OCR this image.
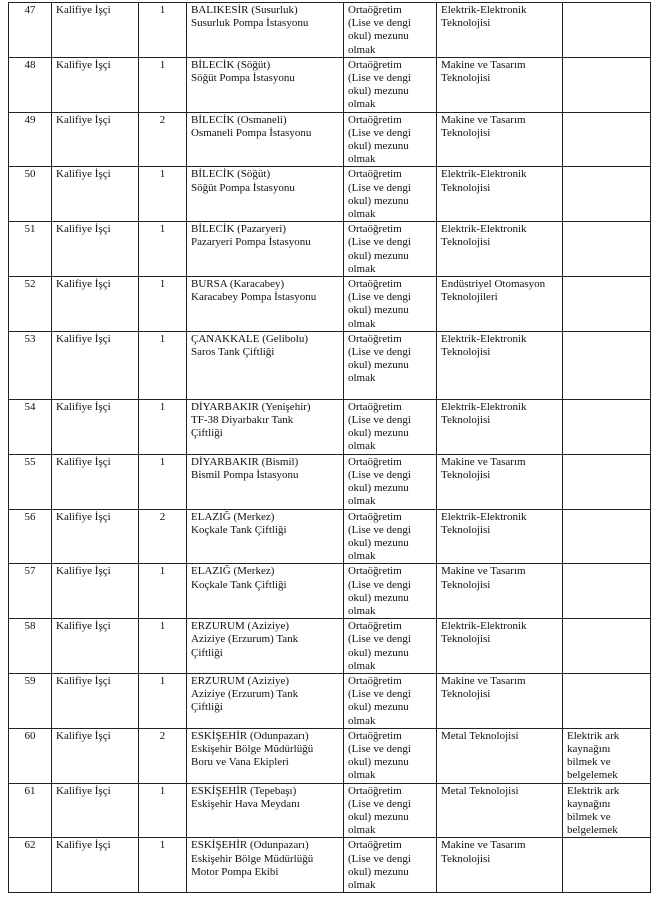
47	Kalifiye İşçi	1	BALIKESİR (Susurluk)
Susurluk Pompa İstasyonu	Ortaöğretim
(Lise ve dengi
okul) mezunu
olmak	Elektrik-Elektronik
Teknolojisi	

48	Kalifiye İşçi	1	BİLECİK (Söğüt)
Söğüt Pompa İstasyonu	Ortaöğretim
(Lise ve dengi
okul) mezunu
olmak	Makine ve Tasarım
Teknolojisi	

49	Kalifiye İşçi	2	BİLECİK (Osmaneli)
Osmaneli Pompa İstasyonu	Ortaöğretim
(Lise ve dengi
okul) mezunu
olmak	Makine ve Tasarım
Teknolojisi	

50	Kalifiye İşçi	1	BİLECİK (Söğüt)
Söğüt Pompa İstasyonu	Ortaöğretim
(Lise ve dengi
okul) mezunu
olmak	Elektrik-Elektronik
Teknolojisi	

51	Kalifiye İşçi	1	BİLECİK (Pazaryeri)
Pazaryeri Pompa İstasyonu	Ortaöğretim
(Lise ve dengi
okul) mezunu
olmak	Elektrik-Elektronik
Teknolojisi	

52	Kalifiye İşçi	1	BURSA (Karacabey)
Karacabey Pompa İstasyonu	Ortaöğretim
(Lise ve dengi
okul) mezunu
olmak	Endüstriyel Otomasyon
Teknolojileri	

53	Kalifiye İşçi	1	ÇANAKKALE (Gelibolu)
Saros Tank Çiftliği	Ortaöğretim
(Lise ve dengi
okul) mezunu
olmak	Elektrik-Elektronik
Teknolojisi	

54	Kalifiye İşçi	1	DİYARBAKIR (Yenişehir)
TF-38 Diyarbakır Tank
Çiftliği	Ortaöğretim
(Lise ve dengi
okul) mezunu
olmak	Elektrik-Elektronik
Teknolojisi	

55	Kalifiye İşçi	1	DİYARBAKIR (Bismil)
Bismil Pompa İstasyonu	Ortaöğretim
(Lise ve dengi
okul) mezunu
olmak	Makine ve Tasarım
Teknolojisi	

56	Kalifiye İşçi	2	ELAZIĞ (Merkez)
Koçkale Tank Çiftliği	Ortaöğretim
(Lise ve dengi
okul) mezunu
olmak	Elektrik-Elektronik
Teknolojisi	

57	Kalifiye İşçi	1	ELAZIĞ (Merkez)
Koçkale Tank Çiftliği	Ortaöğretim
(Lise ve dengi
okul) mezunu
olmak	Makine ve Tasarım
Teknolojisi	

58	Kalifiye İşçi	1	ERZURUM (Aziziye)
Aziziye (Erzurum) Tank
Çiftliği	Ortaöğretim
(Lise ve dengi
okul) mezunu
olmak	Elektrik-Elektronik
Teknolojisi	

59	Kalifiye İşçi	1	ERZURUM (Aziziye)
Aziziye (Erzurum) Tank
Çiftliği	Ortaöğretim
(Lise ve dengi
okul) mezunu
olmak	Makine ve Tasarım
Teknolojisi	

60	Kalifiye İşçi	2	ESKİŞEHİR (Odunpazarı)
Eskişehir Bölge Müdürlüğü
Boru ve Vana Ekipleri	Ortaöğretim
(Lise ve dengi
okul) mezunu
olmak	Metal Teknolojisi	Elektrik ark
kaynağını
bilmek ve
belgelemek

61	Kalifiye İşçi	1	ESKİŞEHİR (Tepebaşı)
Eskişehir Hava Meydanı	Ortaöğretim
(Lise ve dengi
okul) mezunu
olmak	Metal Teknolojisi	Elektrik ark
kaynağını
bilmek ve
belgelemek

62	Kalifiye İşçi	1	ESKİŞEHİR (Odunpazarı)
Eskişehir Bölge Müdürlüğü
Motor Pompa Ekibi	Ortaöğretim
(Lise ve dengi
okul) mezunu
olmak	Makine ve Tasarım
Teknolojisi	
